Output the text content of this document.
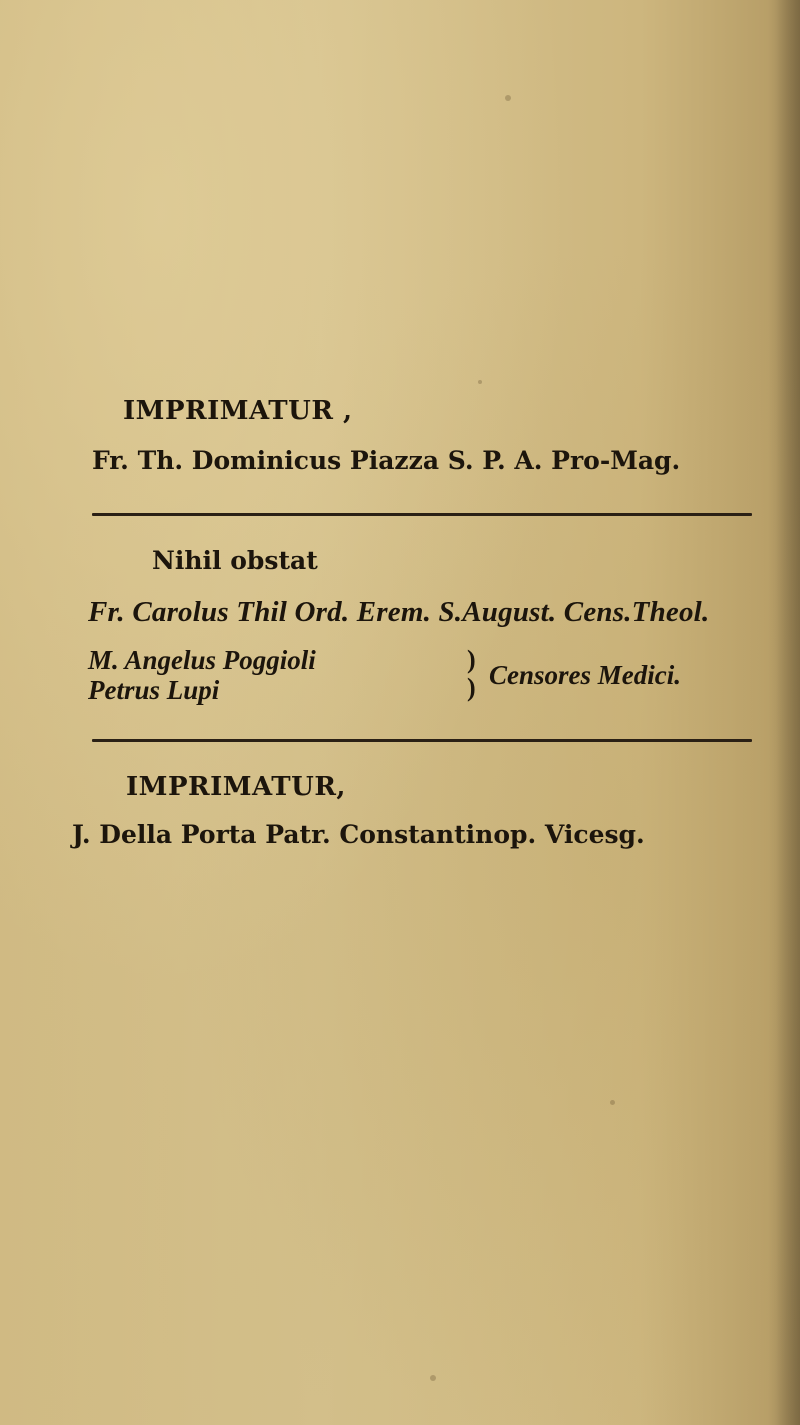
IMPRIMATUR ,

Fr. Th. Dominicus Piazza S. P. A. Pro-Mag.

Nihil obstat

Fr. Carolus Thil Ord. Erem. S.August. Cens.Theol.

M. Angelus Poggioli

Petrus Lupi

)
) Censores Medici.

IMPRIMATUR,

J. Della Porta Patr. Constantinop. Vicesg.
